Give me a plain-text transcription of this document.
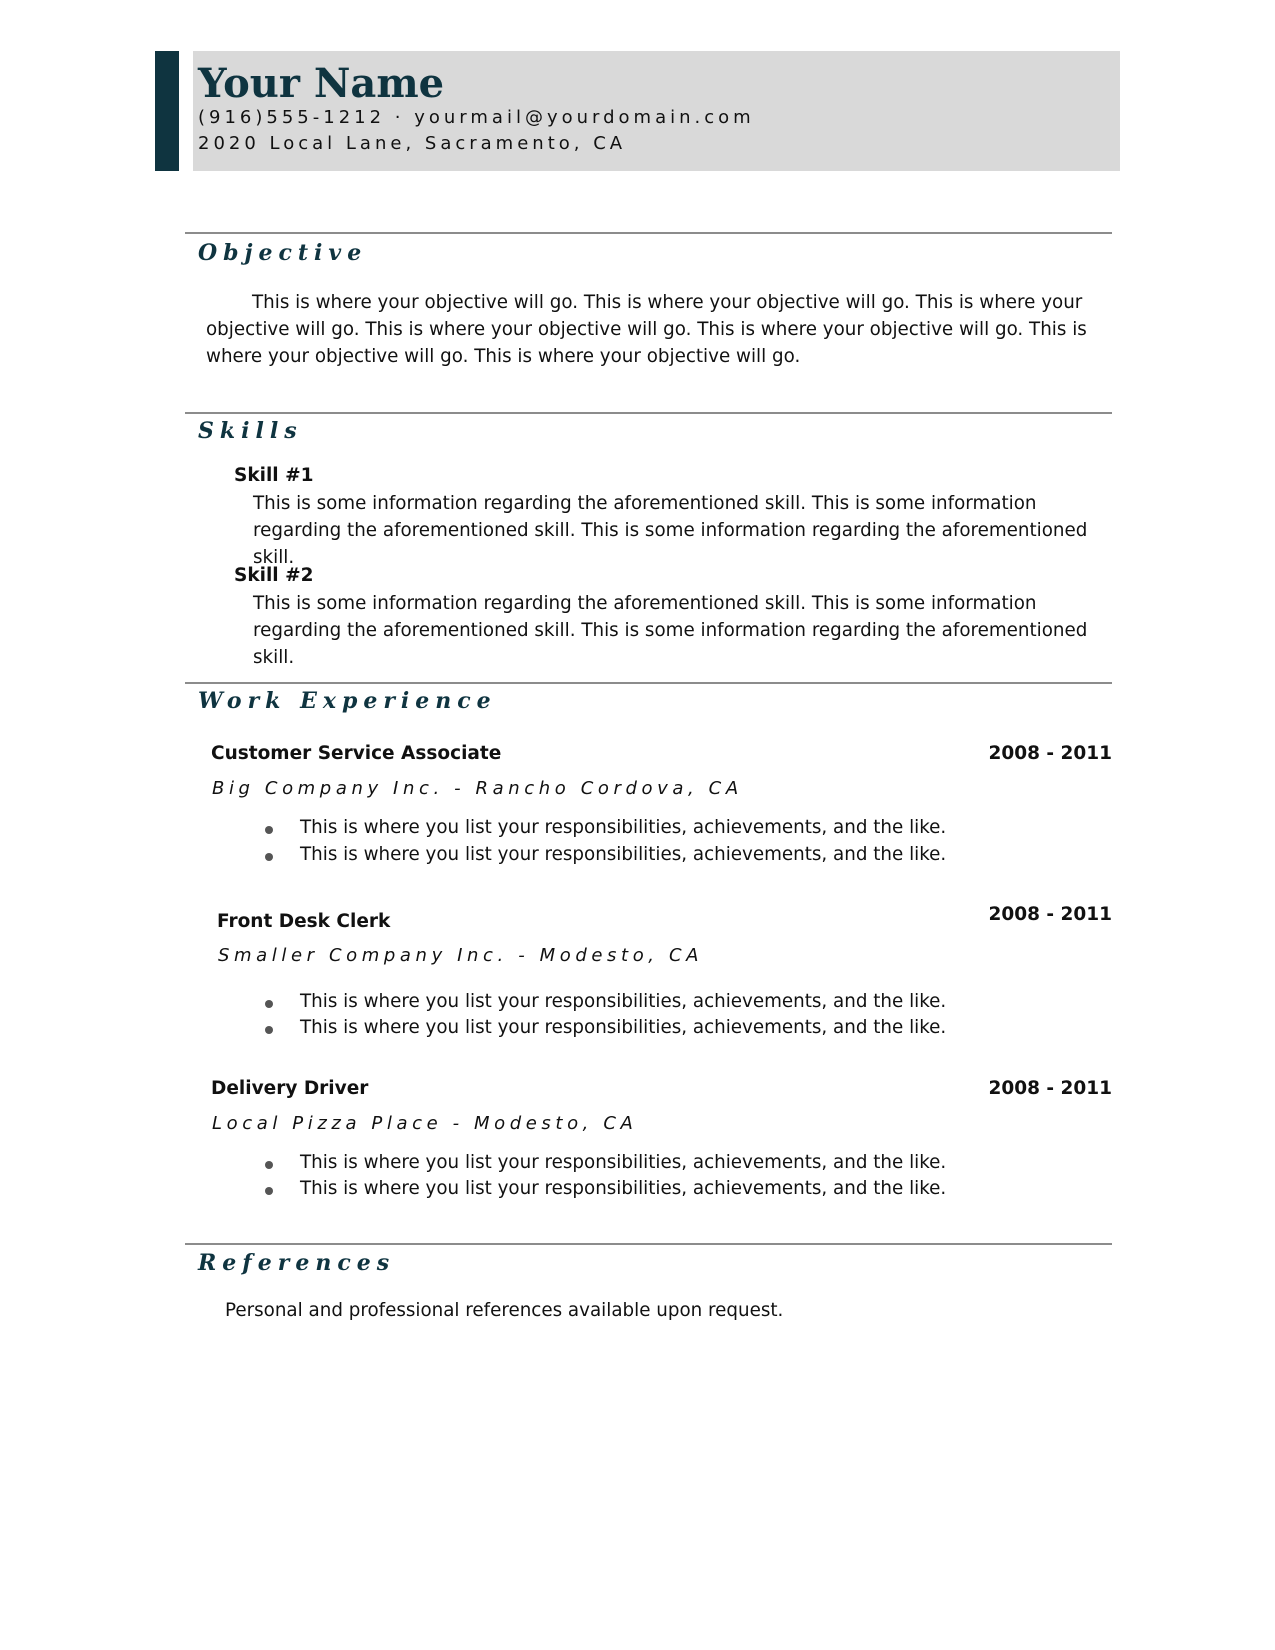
Your Name
(916)555-1212 · yourmail@yourdomain.com
2020 Local Lane, Sacramento, CA
Objective
This is where your objective will go. This is where your objective will go. This is where your objective will go. This is where your objective will go. This is where your objective will go. This is where your objective will go. This is where your objective will go.
Skills
Skill #1
This is some information regarding the aforementioned skill. This is some information regarding the aforementioned skill. This is some information regarding the aforementioned skill.
Skill #2
This is some information regarding the aforementioned skill. This is some information regarding the aforementioned skill. This is some information regarding the aforementioned skill.
Work Experience
Customer Service Associate	2008 - 2011
Big Company Inc. - Rancho Cordova, CA
This is where you list your responsibilities, achievements, and the like.
This is where you list your responsibilities, achievements, and the like.
Front Desk Clerk	2008 - 2011
Smaller Company Inc. - Modesto, CA
This is where you list your responsibilities, achievements, and the like.
This is where you list your responsibilities, achievements, and the like.
Delivery Driver	2008 - 2011
Local Pizza Place - Modesto, CA
This is where you list your responsibilities, achievements, and the like.
This is where you list your responsibilities, achievements, and the like.
References
Personal and professional references available upon request.
